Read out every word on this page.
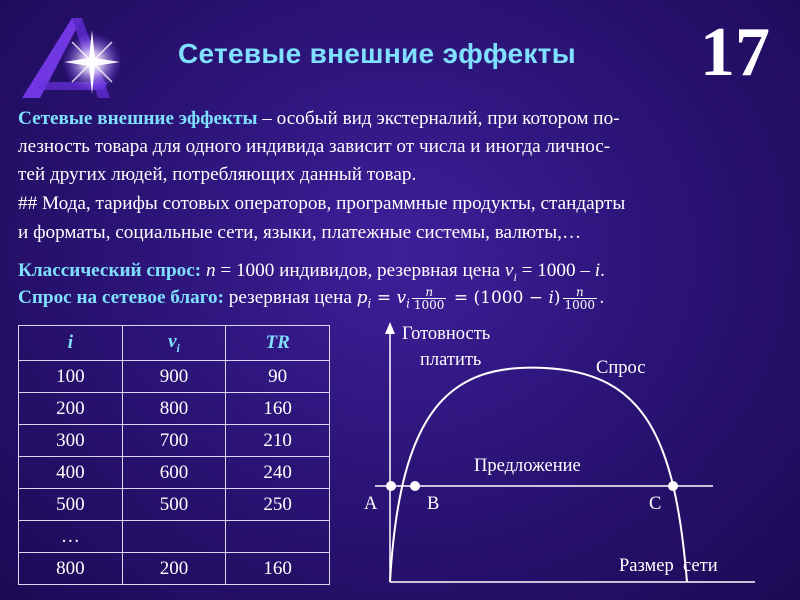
Сетевые внешние эффекты	17
Сетевые внешние эффекты – особый вид экстерналий, при котором по-
лезность товара для одного индивида зависит от числа и иногда личнос-
тей других людей, потребляющих данный товар.
## Мода, тарифы сотовых операторов, программные продукты, стандарты
и форматы, социальные сети, языки, платежные системы, валюты,…
Классический спрос: n = 1000 индивидов, резервная цена $v_i = 1000 - i$.
Спрос на сетевое благо: резервная цена $p_i = v_i \frac{n}{1000} = (1000 - i) \frac{n}{1000}$ .
i	$v_i$	TR
100	900	90
200	800	160
300	700	210
400	600	240
500	500	250
…		
800	200	160
Готовность
платить	Спрос
Предложение
A	B	C
Размер  сети
